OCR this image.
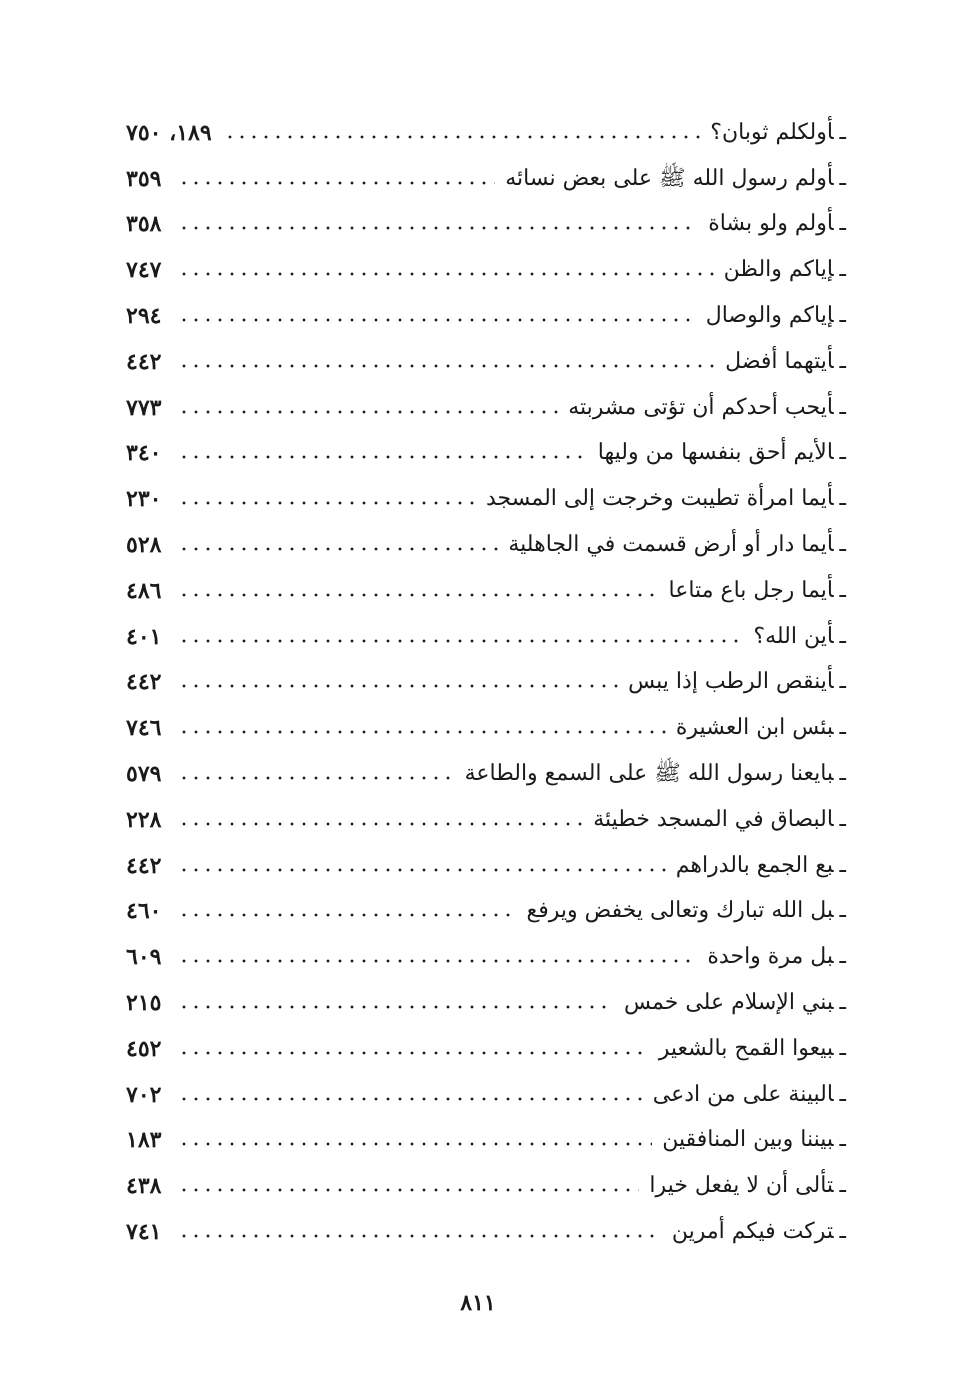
ـأولكلم ثوبان؟
١٨٩، ٧٥٠
ـأولم رسول الله ﷺ على بعض نسائه
٣٥٩
ـأولم ولو بشاة
٣٥٨
ـإياكم والظن
٧٤٧
ـإياكم والوصال
٢٩٤
ـأيتهما أفضل
٤٤٢
ـأيحب أحدكم أن تؤتى مشربته
٧٧٣
ـالأيم أحق بنفسها من وليها
٣٤٠
ـأيما امرأة تطيبت وخرجت إلى المسجد
٢٣٠
ـأيما دار أو أرض قسمت في الجاهلية
٥٢٨
ـأيما رجل باع متاعا
٤٨٦
ـأين الله؟
٤٠١
ـأينقص الرطب إذا يبس
٤٤٢
ـبئس ابن العشيرة
٧٤٦
ـبايعنا رسول الله ﷺ على السمع والطاعة
٥٧٩
ـالبصاق في المسجد خطيئة
٢٢٨
ـبع الجمع بالدراهم
٤٤٢
ـبل الله تبارك وتعالى يخفض ويرفع
٤٦٠
ـبل مرة واحدة
٦٠٩
ـبني الإسلام على خمس
٢١٥
ـبيعوا القمح بالشعير
٤٥٢
ـالبينة على من ادعى
٧٠٢
ـبيننا وبين المنافقين
١٨٣
ـتألى أن لا يفعل خيرا
٤٣٨
ـتركت فيكم أمرين
٧٤١
٨١١
